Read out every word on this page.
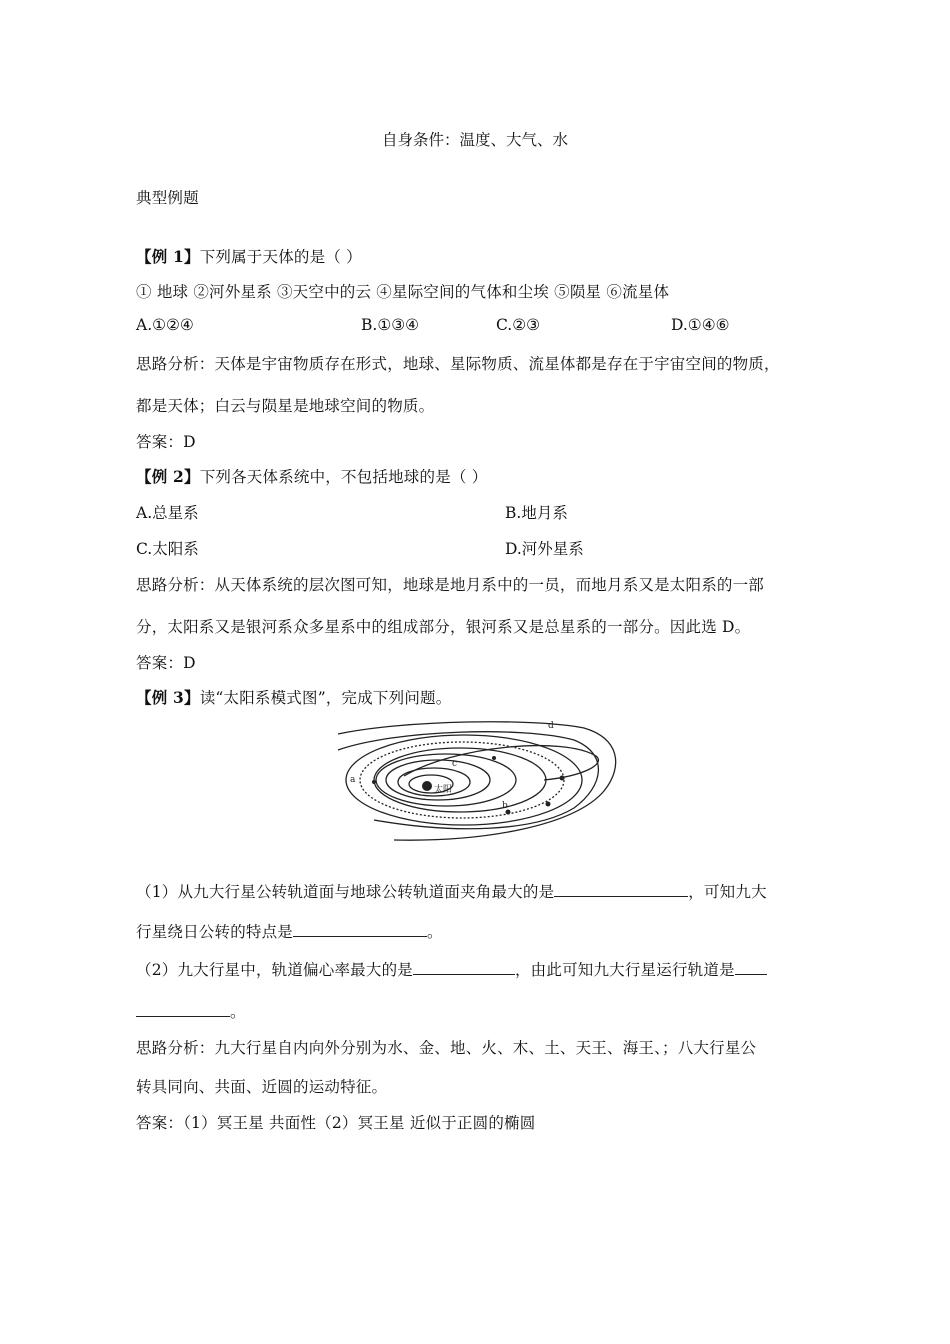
自身条件：温度、大气、水
典型例题
【例 1】下列属于天体的是（ ）
① 地球 ②河外星系 ③天空中的云 ④星际空间的气体和尘埃 ⑤陨星 ⑥流星体
A.①②④	B.①③④	C.②③	D.①④⑥
思路分析：天体是宇宙物质存在形式，地球、星际物质、流星体都是存在于宇宙空间的物质，
都是天体；白云与陨星是地球空间的物质。
答案：D
【例 2】下列各天体系统中，不包括地球的是（ ）
A.总星系	B.地月系
C.太阳系	D.河外星系
思路分析：从天体系统的层次图可知，地球是地月系中的一员，而地月系又是太阳系的一部
分，太阳系又是银河系众多星系中的组成部分，银河系又是总星系的一部分。因此选 D。
答案：D
【例 3】读“太阳系模式图”，完成下列问题。
太阳
a
b
c
d
（1）从九大行星公转轨道面与地球公转轨道面夹角最大的是	，可知九大
行星绕日公转的特点是	。
（2）九大行星中，轨道偏心率最大的是	，由此可知九大行星运行轨道是
。
思路分析：九大行星自内向外分别为水、金、地、火、木、土、天王、海王、；八大行星公
转具同向、共面、近圆的运动特征。
答案：（1）冥王星 共面性（2）冥王星 近似于正圆的椭圆
